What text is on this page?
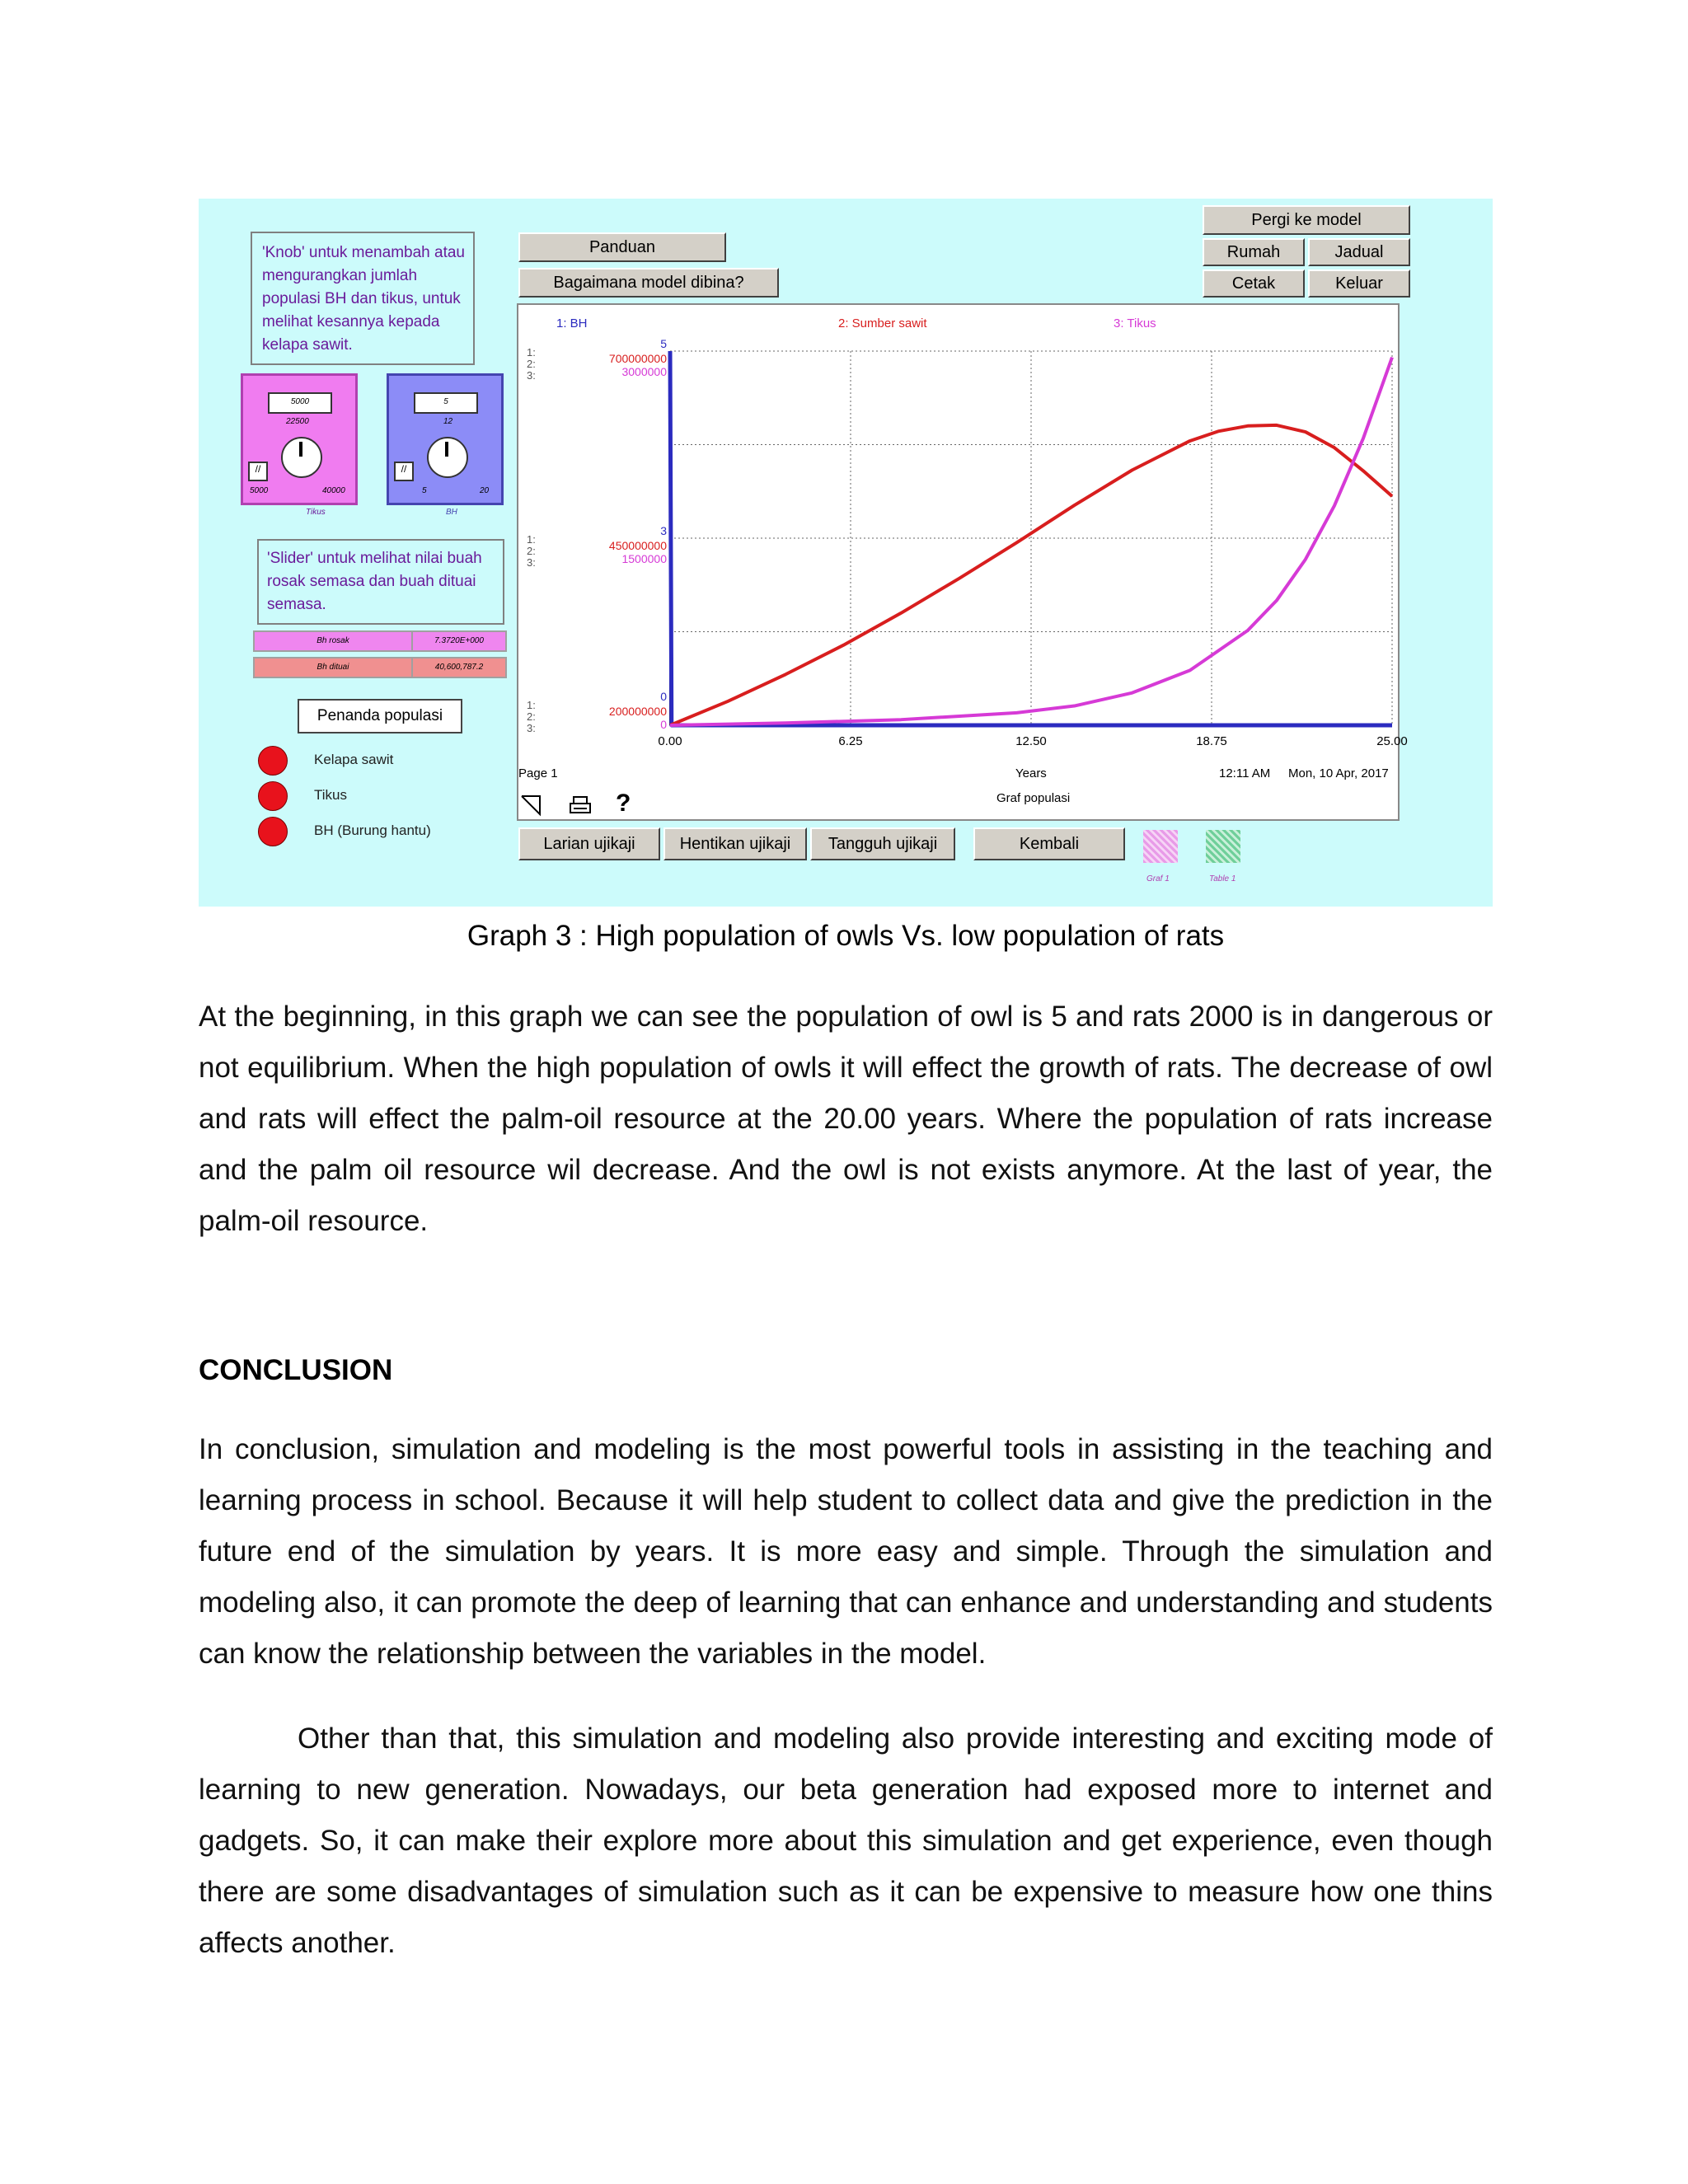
'Knob' untuk menambah atau mengurangkan jumlah populasi BH dan tikus, untuk melihat kesannya kepada kelapa sawit.
5000
22500
//
5000	40000
Tikus
5
12
//
5	20
BH
'Slider' untuk melihat nilai buah rosak semasa dan buah dituai semasa.
Bh rosak	7.3720E+000
Bh dituai	40,600,787.2
Penanda populasi
Kelapa sawit
Tikus
BH (Burung hantu)
Panduan
Bagaimana model dibina?
Pergi ke model
Rumah	Jadual
Cetak	Keluar
1: BH	2: Sumber sawit	3: Tikus
0.00	6.25	12.50	18.75	25.00
5
3
0
700000000
450000000
200000000
3000000
1500000
0
1:
2:
3:
1:
2:
3:
1:
2:
3:
Page 1	Years
Graf populasi
12:11 AM Mon, 10 Apr, 2017
?
Larian ujikaji	Hentikan ujikaji	Tangguh ujikaji	Kembali
Graf 1	Table 1
Graph 3 : High population of owls Vs. low population of rats
At the beginning, in this graph we can see the population of owl is 5 and rats 2000 is in dangerous or not equilibrium. When the high population of owls it will effect the growth of rats. The decrease of owl and rats will effect the palm-oil resource at the 20.00 years. Where the population of rats increase and the palm oil resource wil decrease. And the owl is not exists anymore. At the last of year, the palm-oil resource.
CONCLUSION
In conclusion, simulation and modeling is the most powerful tools in assisting in the teaching and learning process in school. Because it will help student to collect data and give the prediction in the future end of the simulation by years. It is more easy and simple. Through the simulation and modeling also, it can promote the deep of learning that can enhance and understanding and students can know the relationship between the variables in the model.
Other than that, this simulation and modeling also provide interesting and exciting mode of learning to new generation. Nowadays, our beta generation had exposed more to internet and gadgets. So, it can make their explore more about this simulation and get experience, even though there are some disadvantages of simulation such as it can be expensive to measure how one thins affects another.
